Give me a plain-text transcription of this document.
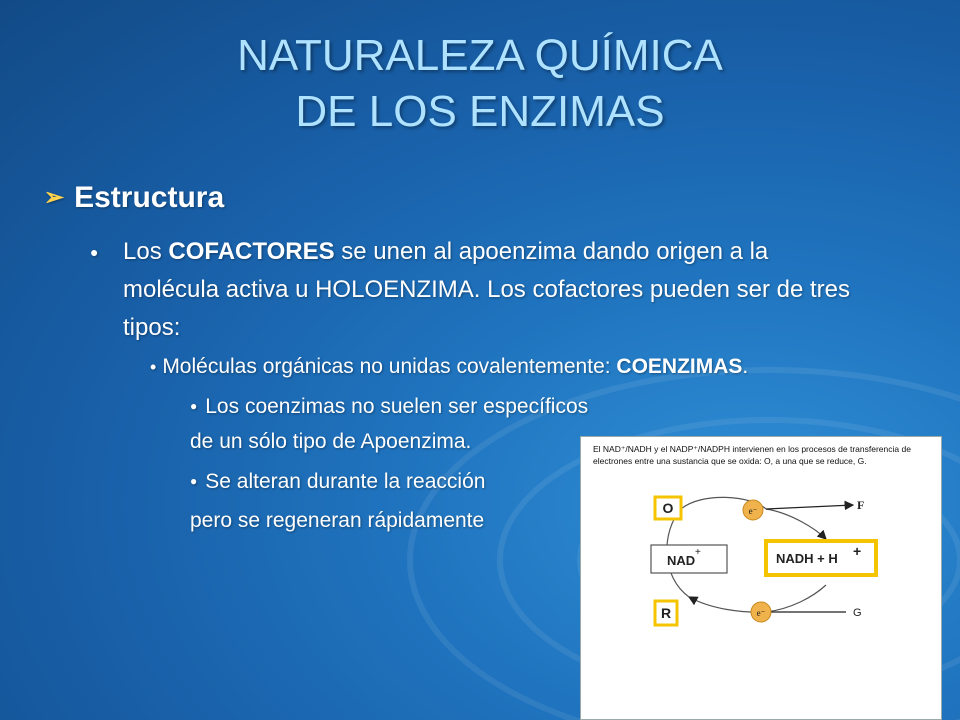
NATURALEZA QUÍMICA
DE LOS ENZIMAS
➢ Estructura
● Los COFACTORES se unen al apoenzima dando origen a la molécula activa u HOLOENZIMA. Los cofactores pueden ser de tres tipos:
• Moléculas orgánicas no unidas covalentemente: COENZIMAS.
● Los coenzimas no suelen ser específicos
de un sólo tipo de Apoenzima.
● Se alteran durante la reacción
pero se regeneran rápidamente
O
R
NAD
+	NADH + H +
e⁻
e⁻
F
G
El NAD⁺/NADH y el NADP⁺/NADPH intervienen en los procesos de transferencia de electrones entre una sustancia que se oxida: O, a una que se reduce, G.
